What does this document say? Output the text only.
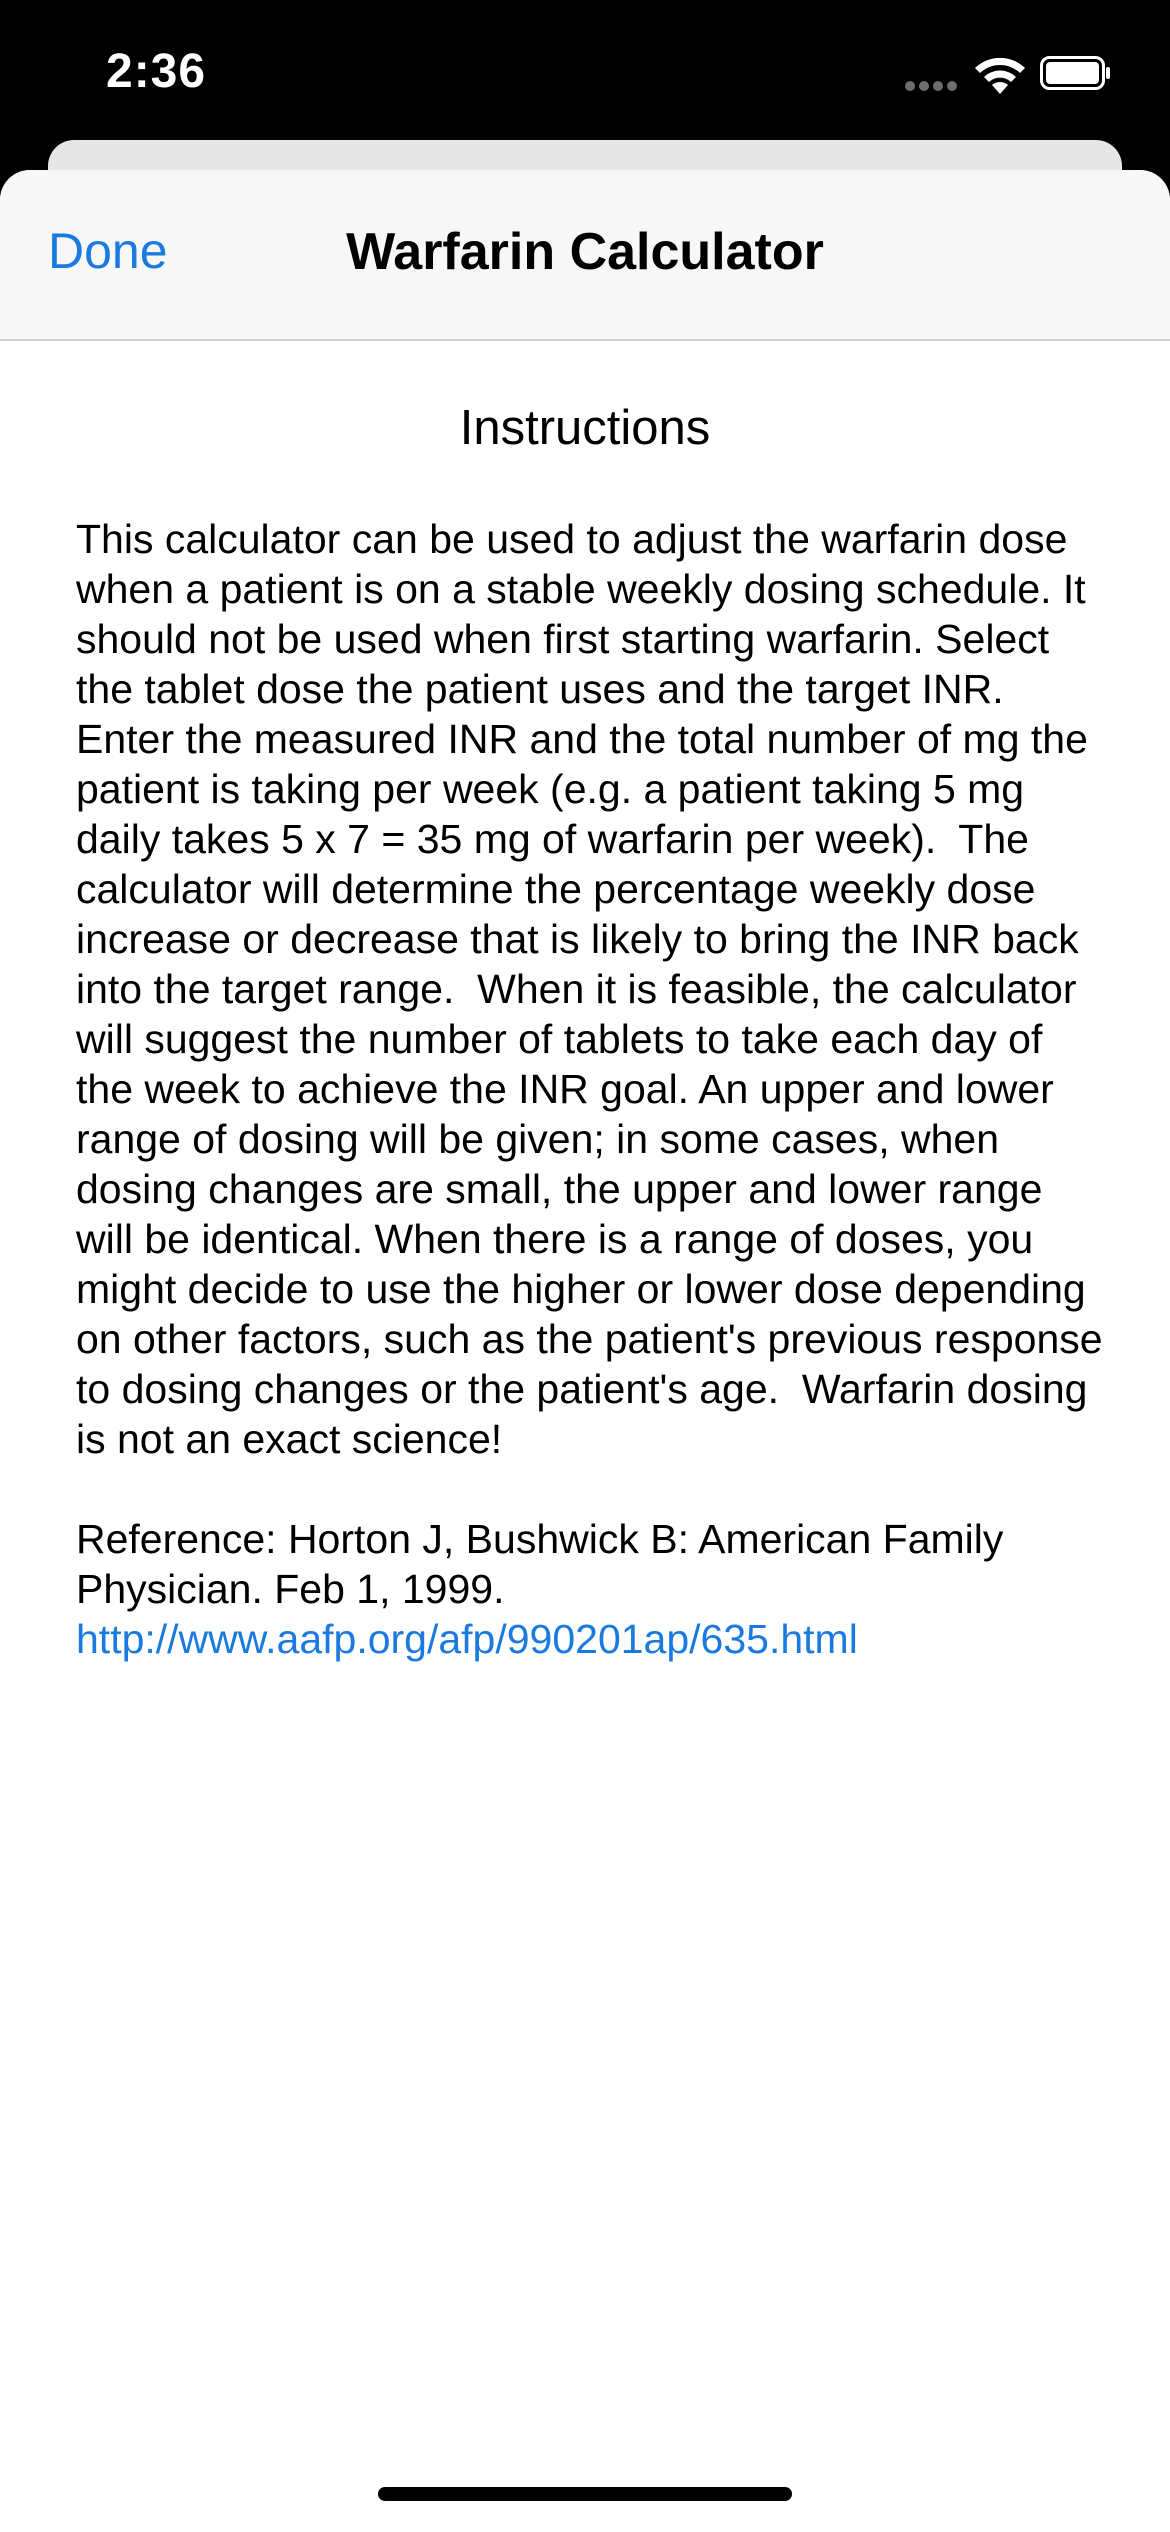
2:36
Done	Warfarin Calculator
Instructions

This calculator can be used to adjust the warfarin dose when a patient is on a stable weekly dosing schedule. It should not be used when first starting warfarin. Select the tablet dose the patient uses and the target INR.  Enter the measured INR and the total number of mg the patient is taking per week (e.g. a patient taking 5 mg daily takes 5 x 7 = 35 mg of warfarin per week).  The calculator will determine the percentage weekly dose increase or decrease that is likely to bring the INR back into the target range.  When it is feasible, the calculator will suggest the number of tablets to take each day of the week to achieve the INR goal. An upper and lower range of dosing will be given; in some cases, when dosing changes are small, the upper and lower range will be identical. When there is a range of doses, you might decide to use the higher or lower dose depending on other factors, such as the patient's previous response to dosing changes or the patient's age.  Warfarin dosing is not an exact science!

Reference: Horton J, Bushwick B: American Family Physician. Feb 1, 1999. http://www.aafp.org/afp/990201ap/635.html
